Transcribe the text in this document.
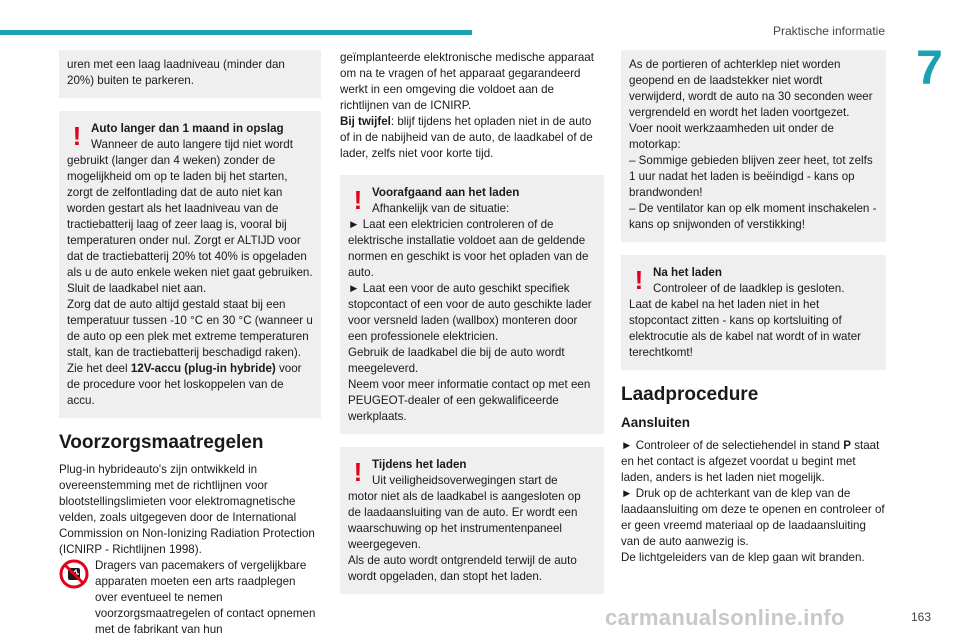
Praktische informatie
7

uren met een laag laadniveau (minder dan 20%) buiten te parkeren.

! Auto langer dan 1 maand in opslag

Wanneer de auto langere tijd niet wordt

gebruikt (langer dan 4 weken) zonder de mogelijkheid om op te laden bij het starten, zorgt de zelfontlading dat de auto niet kan worden gestart als het laadniveau van de tractiebatterij laag of zeer laag is, vooral bij temperaturen onder nul. Zorgt er ALTIJD voor dat de tractiebatterij 20% tot 40% is opgeladen als u de auto enkele weken niet gaat gebruiken.

Sluit de laadkabel niet aan.

Zorg dat de auto altijd gestald staat bij een temperatuur tussen -10 °C en 30 °C (wanneer u de auto op een plek met extreme temperaturen stalt, kan de tractiebatterij beschadigd raken).

Zie het deel 12V-accu (plug-in hybride) voor de procedure voor het loskoppelen van de accu.

Voorzorgsmaatregelen

Plug-in hybrideauto's zijn ontwikkeld in overeenstemming met de richtlijnen voor blootstellingslimieten voor elektromagnetische velden, zoals uitgegeven door de International Commission on Non-Ionizing Radiation Protection (ICNIRP - Richtlijnen 1998).

Dragers van pacemakers of vergelijkbare apparaten moeten een arts raadplegen over eventueel te nemen voorzorgsmaatregelen of contact opnemen met de fabrikant van hun

geïmplanteerde elektronische medische apparaat om na te vragen of het apparaat gegarandeerd werkt in een omgeving die voldoet aan de richtlijnen van de ICNIRP.

Bij twijfel: blijf tijdens het opladen niet in de auto of in de nabijheid van de auto, de laadkabel of de lader, zelfs niet voor korte tijd.

! Voorafgaand aan het laden

Afhankelijk van de situatie:

► Laat een elektricien controleren of de elektrische installatie voldoet aan de geldende normen en geschikt is voor het opladen van de auto.

► Laat een voor de auto geschikt specifiek stopcontact of een voor de auto geschikte lader voor versneld laden (wallbox) monteren door een professionele elektricien.

Gebruik de laadkabel die bij de auto wordt meegeleverd.

Neem voor meer informatie contact op met een PEUGEOT-dealer of een gekwalificeerde werkplaats.

! Tijdens het laden

Uit veiligheidsoverwegingen start de

motor niet als de laadkabel is aangesloten op de laadaansluiting van de auto. Er wordt een waarschuwing op het instrumentenpaneel weergegeven.

Als de auto wordt ontgrendeld terwijl de auto wordt opgeladen, dan stopt het laden.

As de portieren of achterklep niet worden geopend en de laadstekker niet wordt verwijderd, wordt de auto na 30 seconden weer vergrendeld en wordt het laden voortgezet.

Voer nooit werkzaamheden uit onder de motorkap:

– Sommige gebieden blijven zeer heet, tot zelfs 1 uur nadat het laden is beëindigd - kans op brandwonden!

– De ventilator kan op elk moment inschakelen - kans op snijwonden of verstikking!

! Na het laden

Controleer of de laadklep is gesloten.

Laat de kabel na het laden niet in het stopcontact zitten - kans op kortsluiting of elektrocutie als de kabel nat wordt of in water terechtkomt!

Laadprocedure
Aansluiten

► Controleer of de selectiehendel in stand P staat en het contact is afgezet voordat u begint met laden, anders is het laden niet mogelijk.

► Druk op de achterkant van de klep van de laadaansluiting om deze te openen en controleer of er geen vreemd materiaal op de laadaansluiting van de auto aanwezig is.

De lichtgeleiders van de klep gaan wit branden.

carmanualsonline.info	163
